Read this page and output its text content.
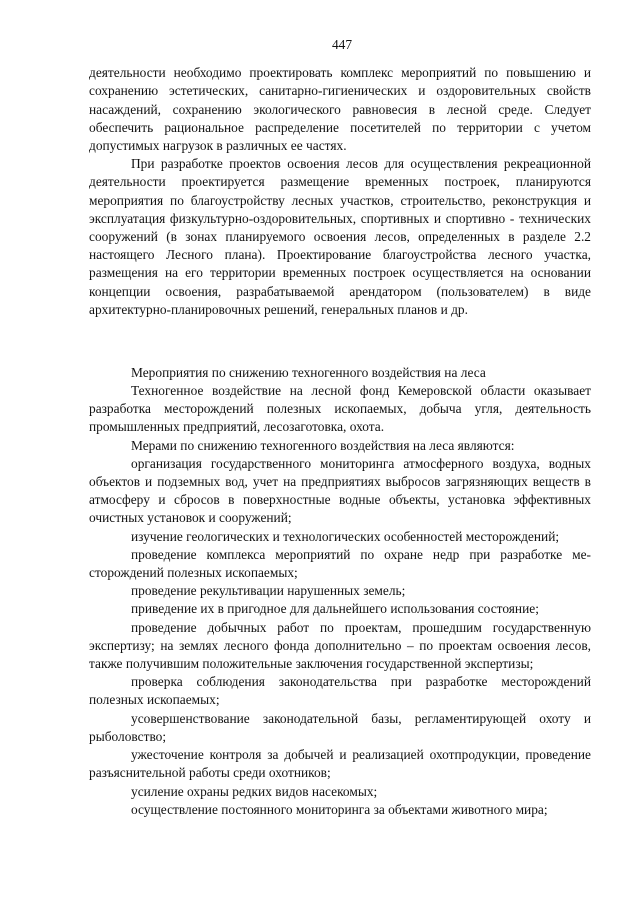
447

деятельности необходимо проектировать комплекс мероприятий по повышению и сохранению эстетических, санитарно-гигиенических и оздоровительных свойств насаждений, сохранению экологического равновесия в лесной среде. Следует обеспечить рациональное распределение посетителей по территории с учетом допустимых нагрузок в различных ее частях.

При разработке проектов освоения лесов для осуществления рекреационной деятельности проектируется размещение временных построек, планируются мероприятия по благоустройству лесных участков, строительство, реконструкция и эксплуатация физкультурно-оздоровительных, спортивных и спортивно - технических сооружений (в зонах планируемого освоения лесов, определенных в разделе 2.2 настоящего Лесного плана). Проектирование благоустройства лесного участка, размещения на его территории временных построек осуществляется на основании концепции освоения, разрабатываемой арендатором (пользователем) в виде архитектурно-планировочных решений, генеральных планов и др.

Мероприятия по снижению техногенного воздействия на леса

Техногенное воздействие на лесной фонд Кемеровской области оказывает разработка месторождений полезных ископаемых, добыча угля, деятельность промышленных предприятий, лесозаготовка, охота.

Мерами по снижению техногенного воздействия на леса являются:

организация государственного мониторинга атмосферного воздуха, водных объектов и подземных вод, учет на предприятиях выбросов загрязняющих веществ в атмосферу и сбросов в поверхностные водные объекты, установка эффективных очистных установок и сооружений;

изучение геологических и технологических особенностей месторождений;

проведение комплекса мероприятий по охране недр при разработке месторождений полезных ископаемых;

проведение рекультивации нарушенных земель;

приведение их в пригодное для дальнейшего использования состояние;

проведение добычных работ по проектам, прошедшим государственную экспертизу; на землях лесного фонда дополнительно – по проектам освоения лесов, также получившим положительные заключения государственной экспертизы;

проверка соблюдения законодательства при разработке месторождений полезных ископаемых;

усовершенствование законодательной базы, регламентирующей охоту и рыболовство;

ужесточение контроля за добычей и реализацией охотпродукции, проведение разъяснительной работы среди охотников;

усиление охраны редких видов насекомых;

осуществление постоянного мониторинга за объектами животного мира;
